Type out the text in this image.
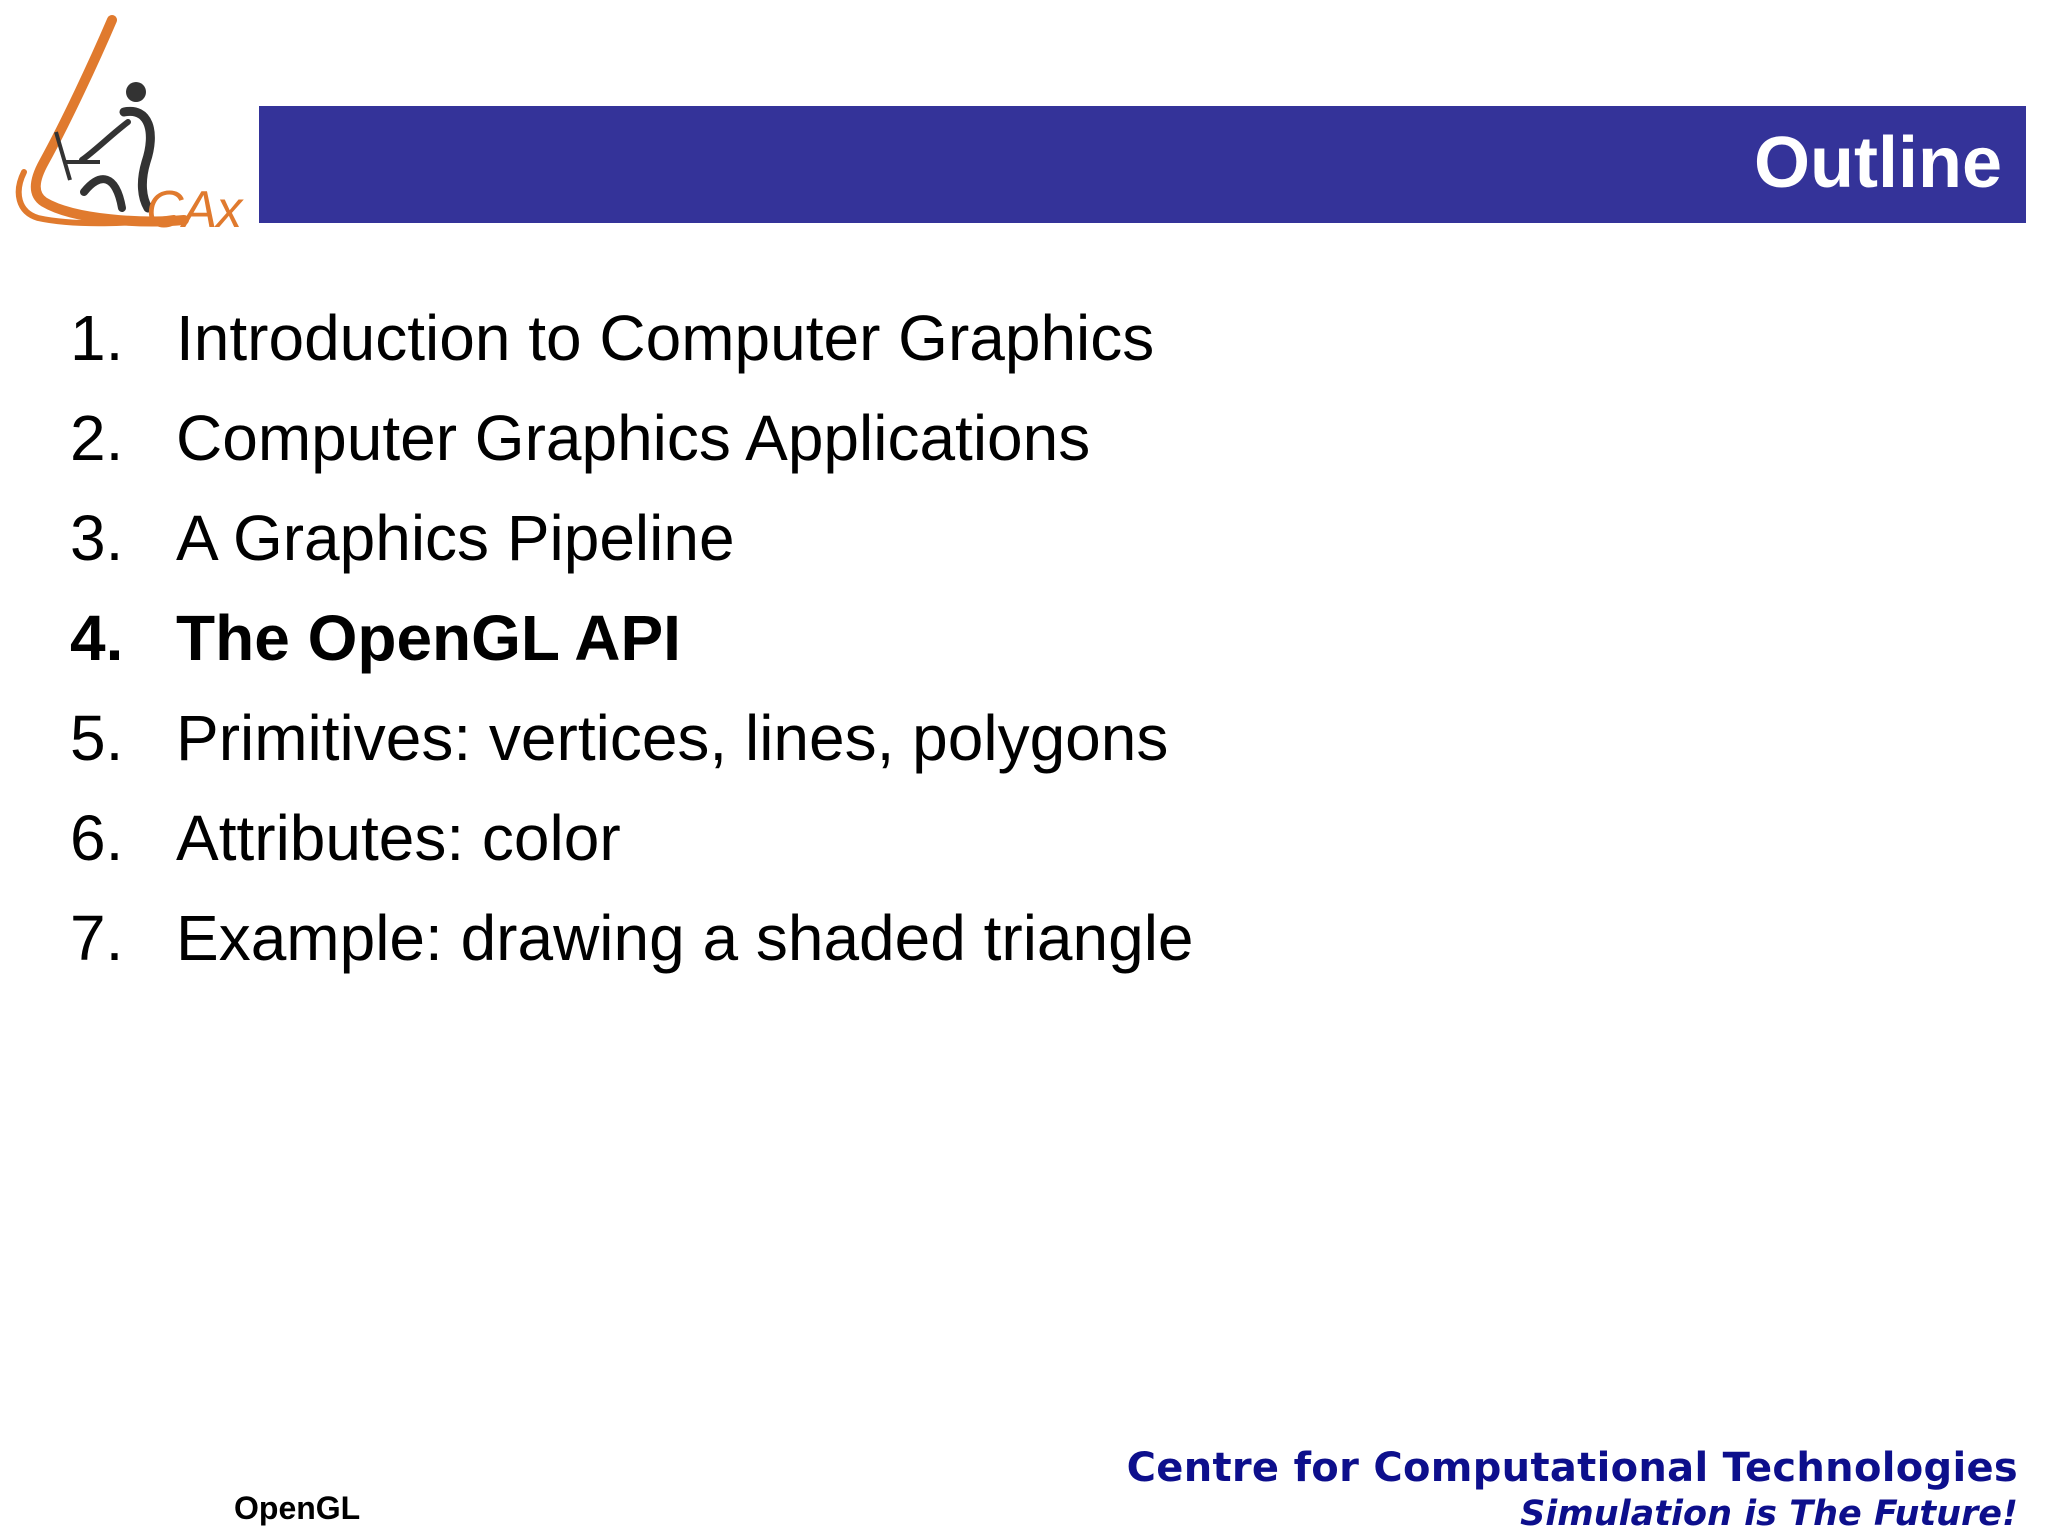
CAx
Outline
1. Introduction to Computer Graphics
2. Computer Graphics Applications
3. A Graphics Pipeline
4. The OpenGL API
5. Primitives: vertices, lines, polygons
6. Attributes: color
7. Example: drawing a shaded triangle
OpenGL
Centre for Computational Technologies
Simulation is The Future!
